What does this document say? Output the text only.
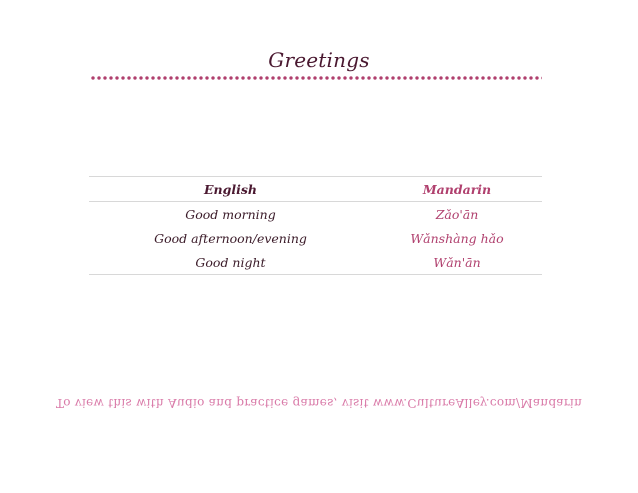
Greetings
English	Mandarin
Good morning	Zǎo'ān
Good afternoon/evening	Wǎnshàng hǎo
Good night	Wǎn'ān
To view this with Audio and practice games, visit www.CultureAlley.com/Mandarin
